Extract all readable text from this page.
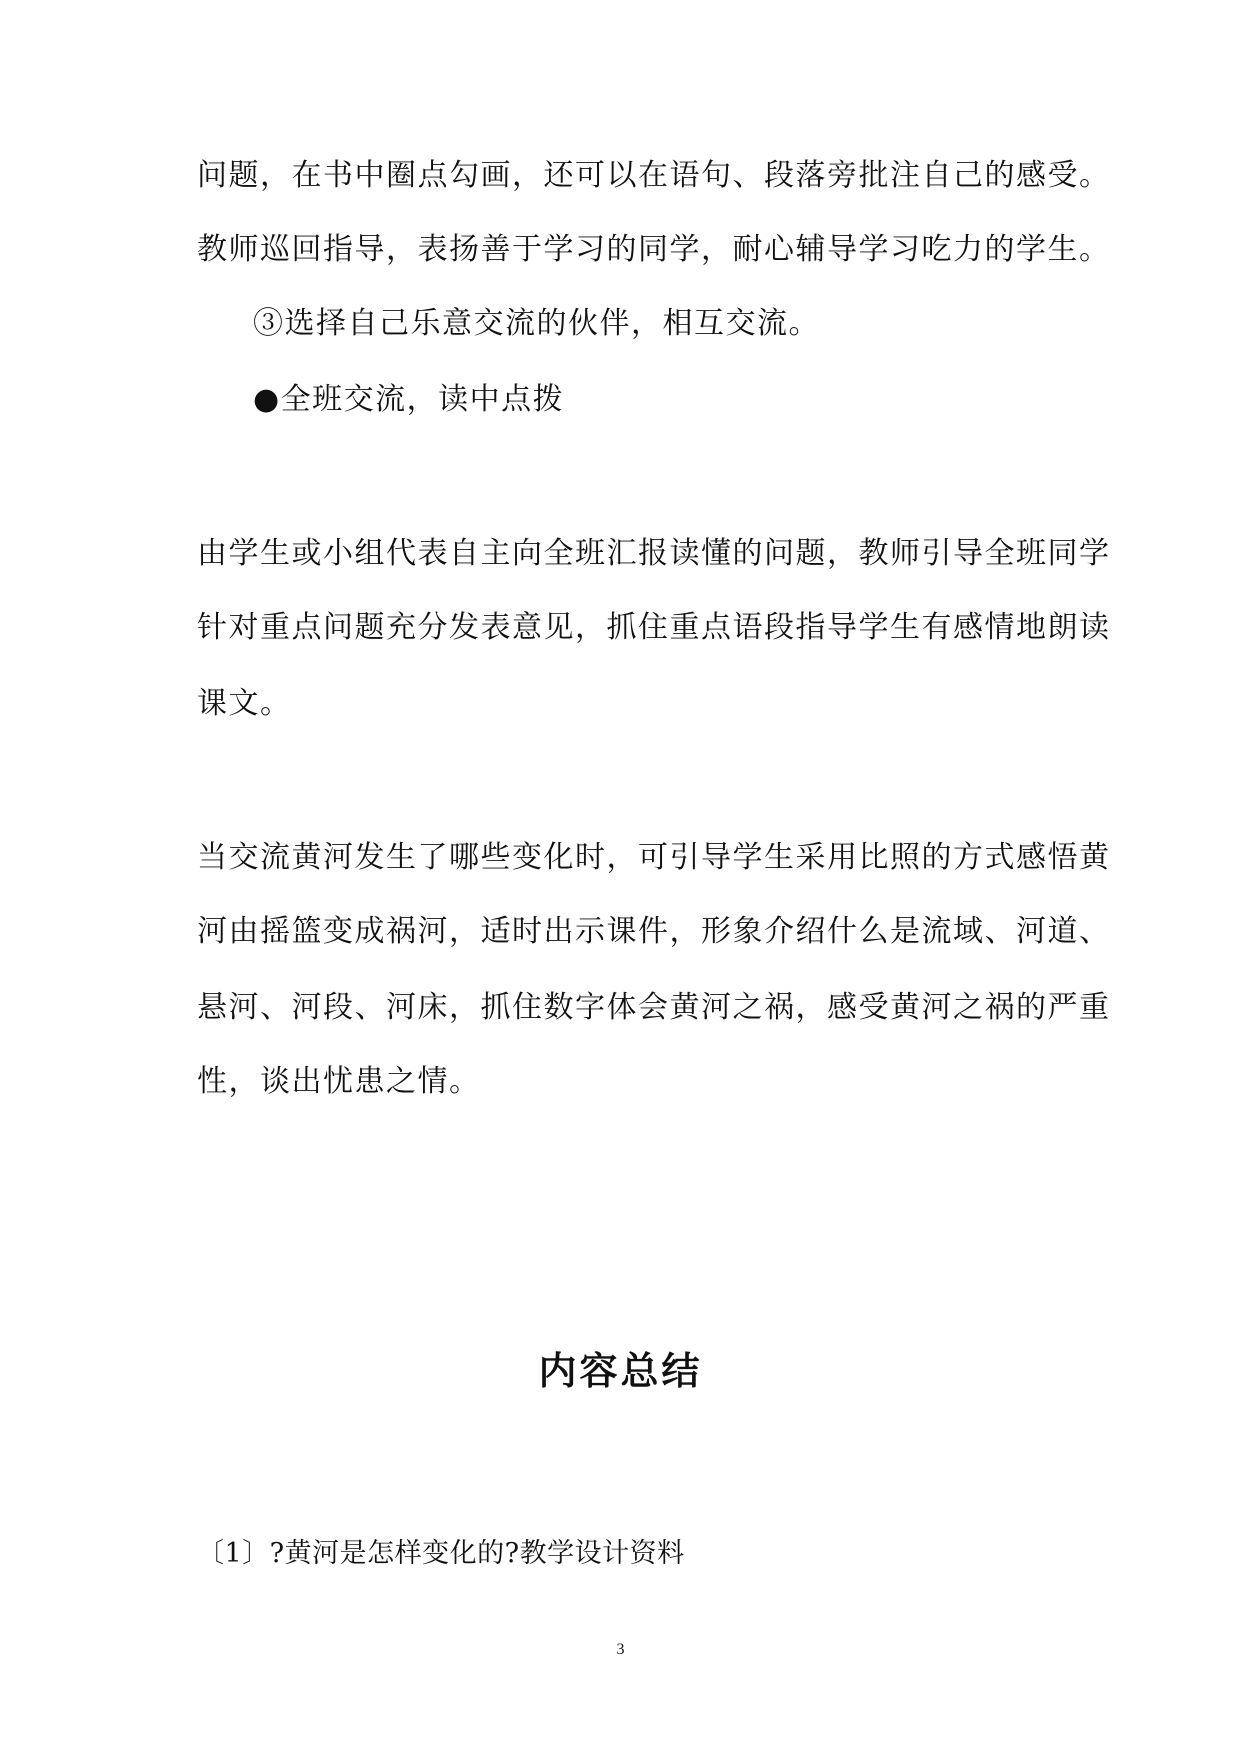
问题，在书中圈点勾画，还可以在语句、段落旁批注自己的感受。
教师巡回指导，表扬善于学习的同学，耐心辅导学习吃力的学生。
③选择自己乐意交流的伙伴，相互交流。
●全班交流，读中点拨
由学生或小组代表自主向全班汇报读懂的问题，教师引导全班同学
针对重点问题充分发表意见，抓住重点语段指导学生有感情地朗读
课文。
当交流黄河发生了哪些变化时，可引导学生采用比照的方式感悟黄
河由摇篮变成祸河，适时出示课件，形象介绍什么是流域、河道、
悬河、河段、河床，抓住数字体会黄河之祸，感受黄河之祸的严重
性，谈出忧患之情。
内容总结
〔1〕?黄河是怎样变化的?教学设计资料
3
